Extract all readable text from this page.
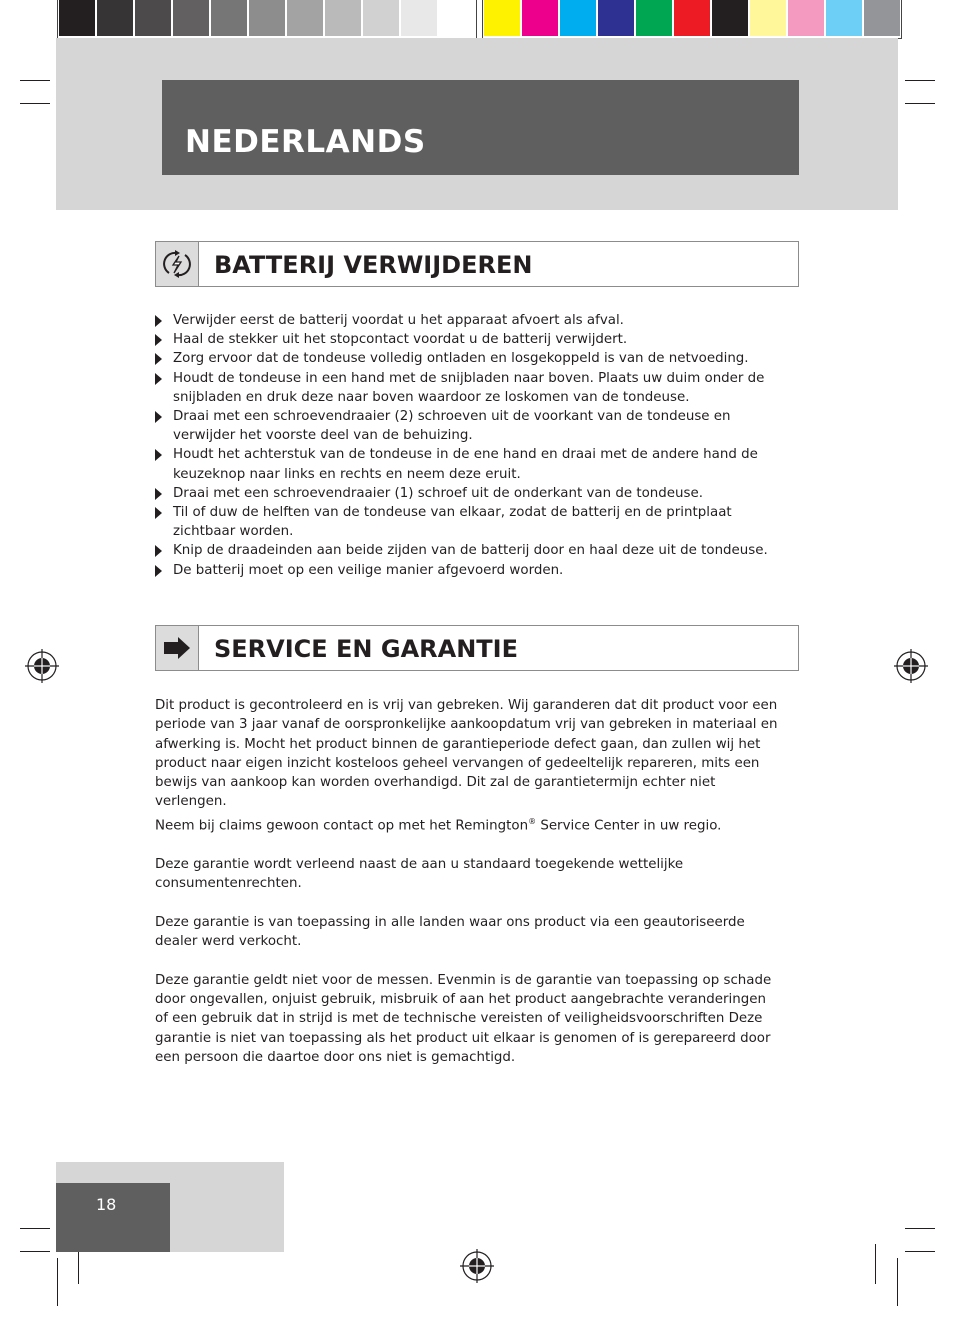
NEDERLANDS
BATTERIJ VERWIJDEREN
Verwijder eerst de batterij voordat u het apparaat afvoert als afval.
Haal de stekker uit het stopcontact voordat u de batterij verwijdert.
Zorg ervoor dat de tondeuse volledig ontladen en losgekoppeld is van de netvoeding.
Houdt de tondeuse in een hand met de snijbladen naar boven. Plaats uw duim onder de snijbladen en druk deze naar boven waardoor ze loskomen van de tondeuse.
Draai met een schroevendraaier (2) schroeven uit de voorkant van de tondeuse en verwijder het voorste deel van de behuizing.
Houdt het achterstuk van de tondeuse in de ene hand en draai met de andere hand de keuzeknop naar links en rechts en neem deze eruit.
Draai met een schroevendraaier (1) schroef uit de onderkant van de tondeuse.
Til of duw de helften van de tondeuse van elkaar, zodat de batterij en de printplaat zichtbaar worden.
Knip de draadeinden aan beide zijden van de batterij door en haal deze uit de tondeuse.
De batterij moet op een veilige manier afgevoerd worden.
SERVICE EN GARANTIE

Dit product is gecontroleerd en is vrij van gebreken. Wij garanderen dat dit product voor een periode van 3 jaar vanaf de oorspronkelijke aankoopdatum vrij van gebreken in materiaal en afwerking is. Mocht het product binnen de garantieperiode defect gaan, dan zullen wij het product naar eigen inzicht kosteloos geheel vervangen of gedeeltelijk repareren, mits een bewijs van aankoop kan worden overhandigd. Dit zal de garantietermijn echter niet verlengen.
Neem bij claims gewoon contact op met het Remington® Service Center in uw regio.

Deze garantie wordt verleend naast de aan u standaard toegekende wettelijke consumentenrechten.

Deze garantie is van toepassing in alle landen waar ons product via een geautoriseerde dealer werd verkocht.

Deze garantie geldt niet voor de messen. Evenmin is de garantie van toepassing op schade door ongevallen, onjuist gebruik, misbruik of aan het product aangebrachte veranderingen of een gebruik dat in strijd is met de technische vereisten of veiligheidsvoorschriften Deze garantie is niet van toepassing als het product uit elkaar is genomen of is gerepareerd door een persoon die daartoe door ons niet is gemachtigd.

18
